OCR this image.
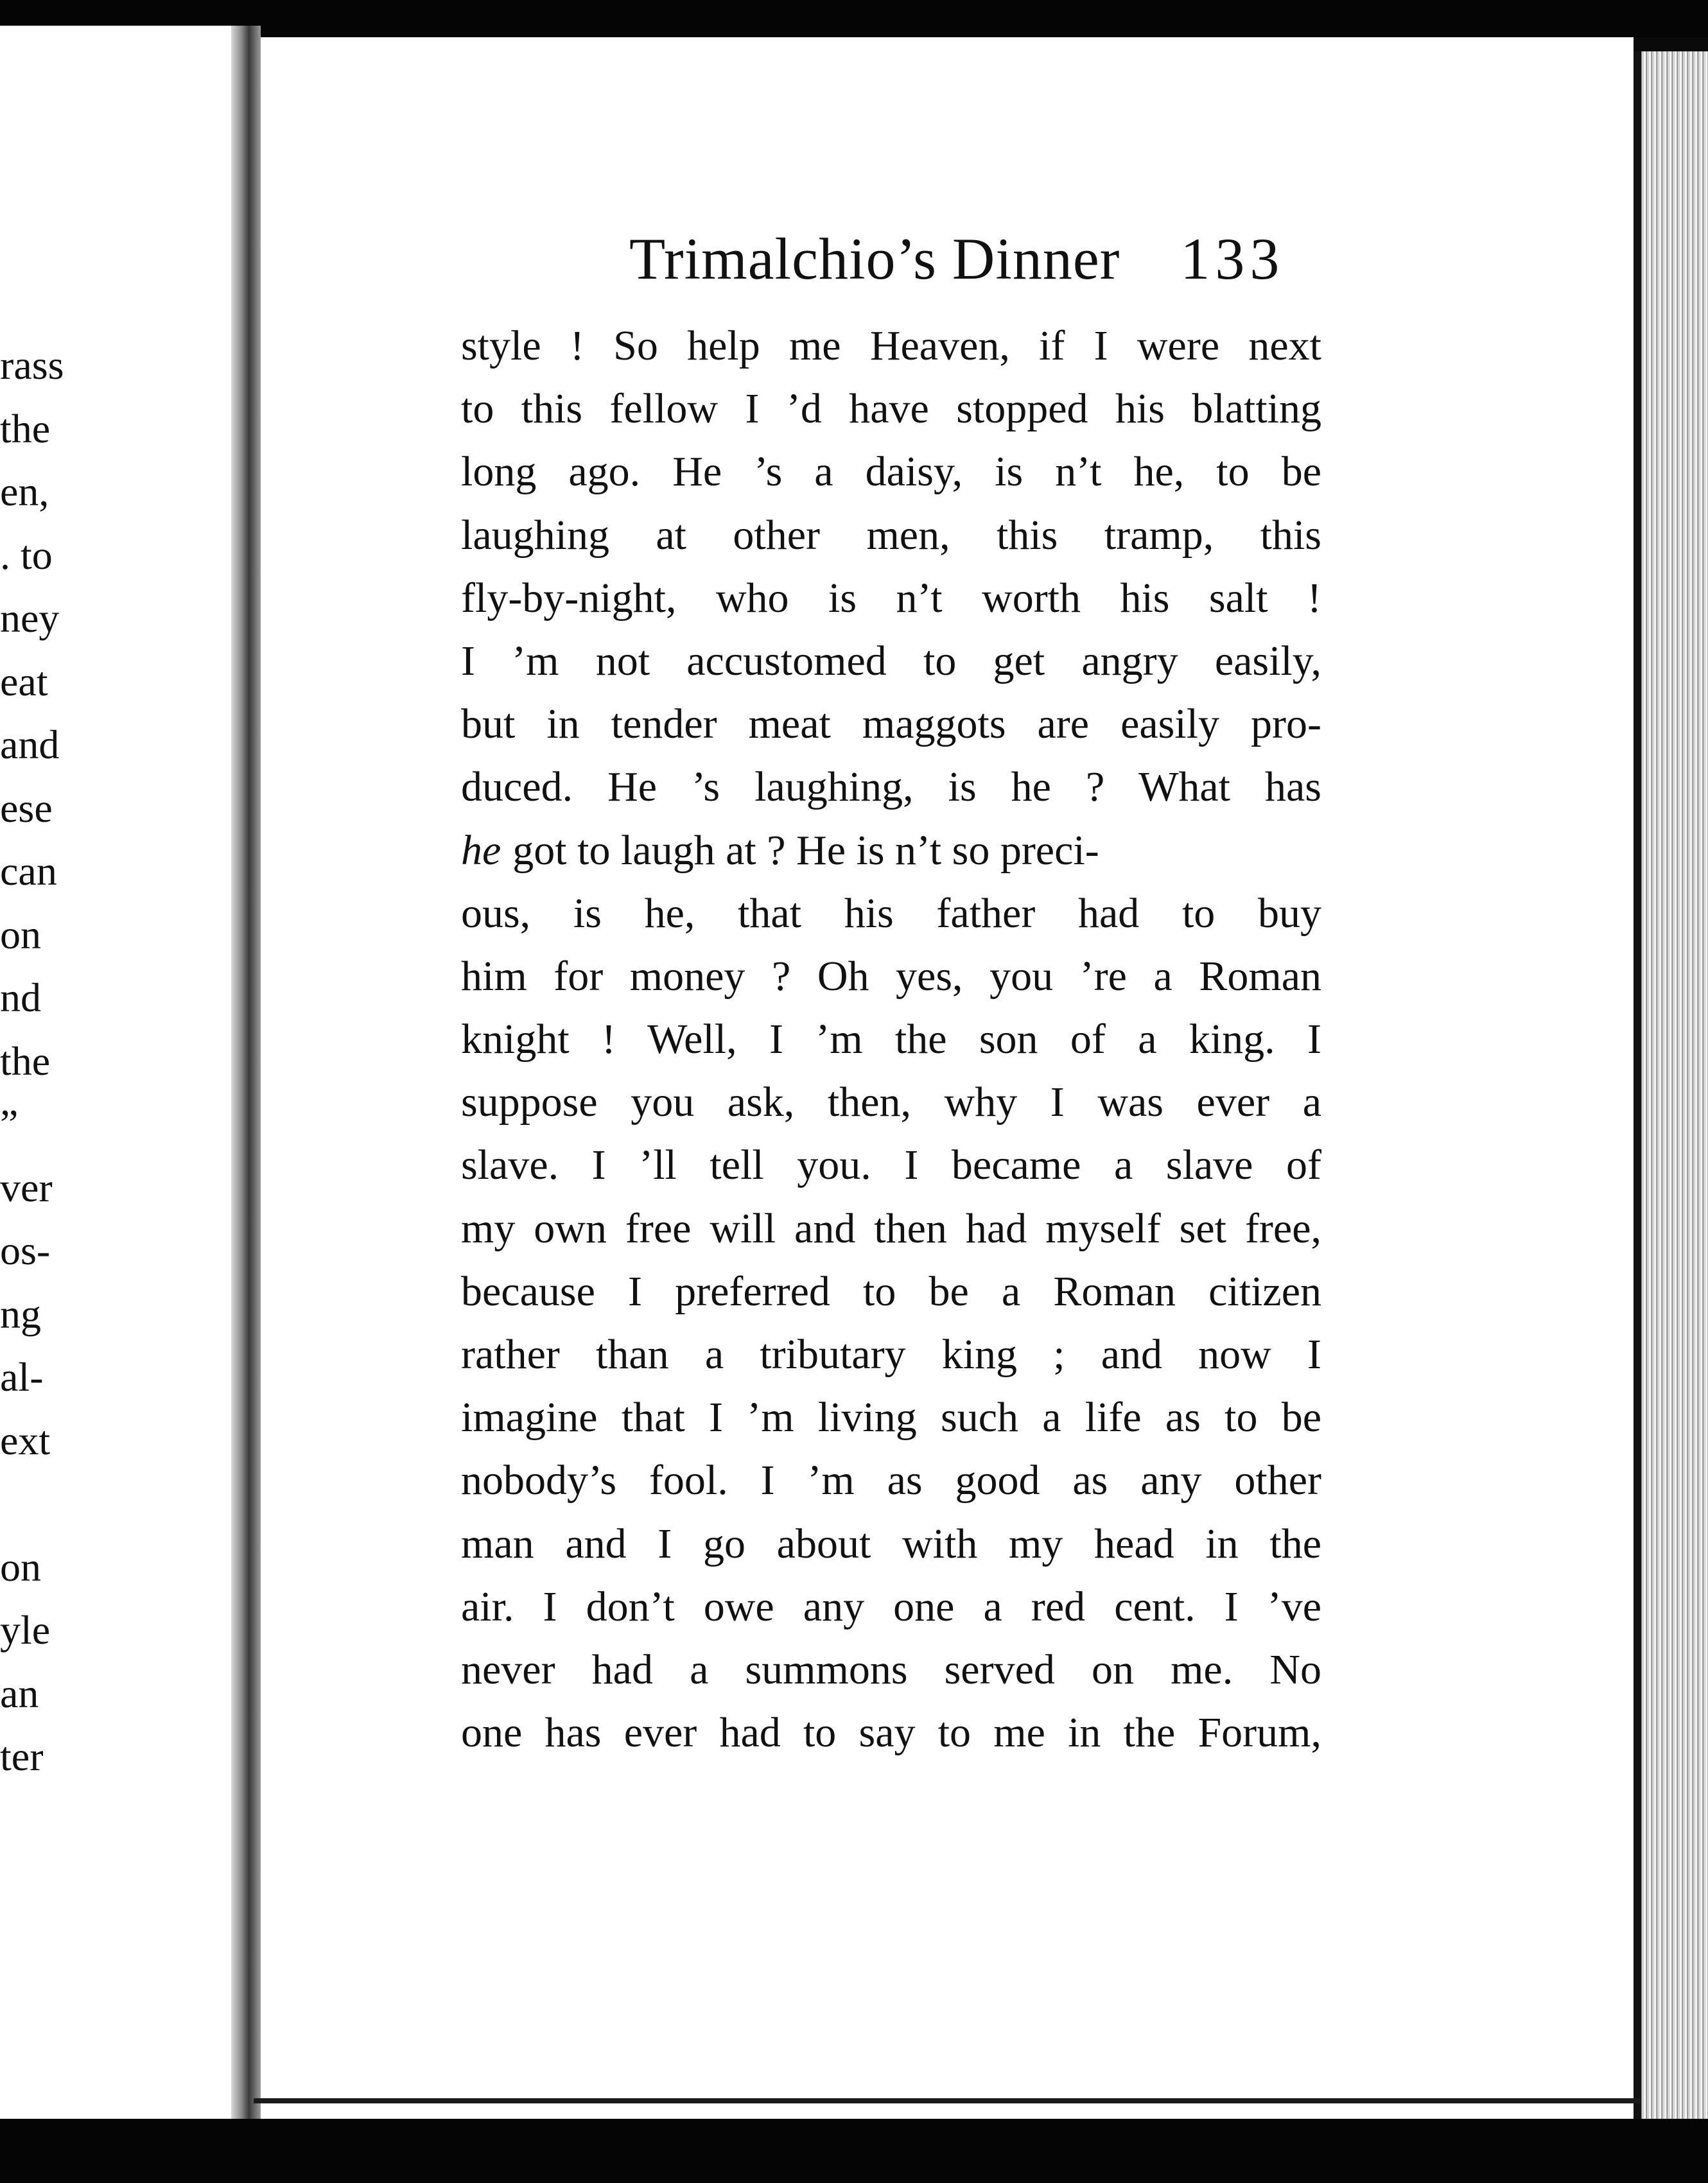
rass
the
en,
. to
ney
eat
and
ese
can
on
nd
the
”
ver
os-
ng
al-
ext
on
yle
an
ter
Trimalchio’s Dinner 133
style ! So help me Heaven, if I were next
to this fellow I ’d have stopped his blatting
long ago. He ’s a daisy, is n’t he, to be
laughing at other men, this tramp, this
fly-by-night, who is n’t worth his salt !
I ’m not accustomed to get angry easily,
but in tender meat maggots are easily pro-
duced. He ’s laughing, is he ? What has
he got to laugh at ? He is n’t so preci-
ous, is he, that his father had to buy
him for money ? Oh yes, you ’re a Roman
knight ! Well, I ’m the son of a king. I
suppose you ask, then, why I was ever a
slave. I ’ll tell you. I became a slave of
my own free will and then had myself set free,
because I preferred to be a Roman citizen
rather than a tributary king ; and now I
imagine that I ’m living such a life as to be
nobody’s fool. I ’m as good as any other
man and I go about with my head in the
air. I don’t owe any one a red cent. I ’ve
never had a summons served on me. No
one has ever had to say to me in the Forum,
